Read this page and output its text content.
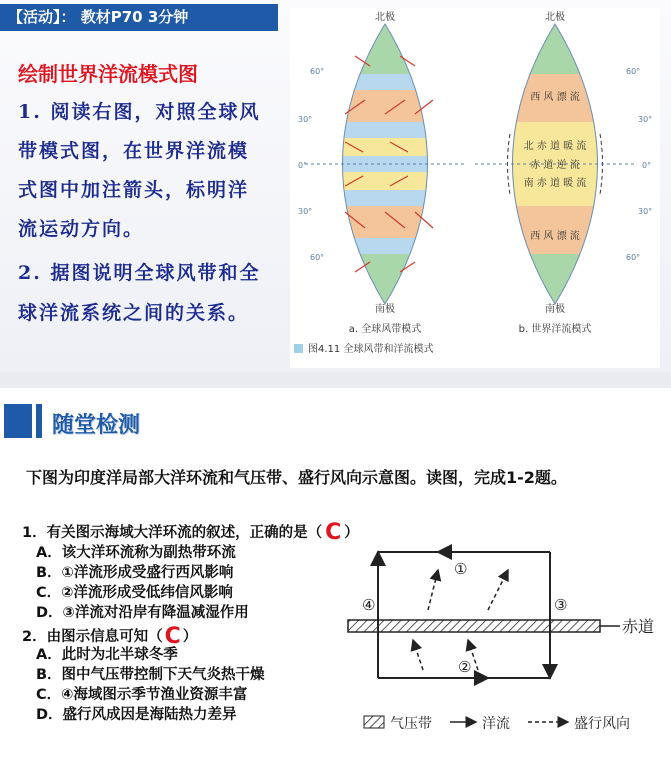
【活动】： 教材P70 3分钟
绘制世界洋流模式图
1. 阅读右图，对照全球风
带模式图，在世界洋流模
式图中加注箭头，标明洋
流运动方向。
2. 据图说明全球风带和全
球洋流系统之间的关系。
北极
南极
a. 全球风带模式
北极
南极
b. 世界洋流模式
西 风 漂 流
北 赤 道 暖 流
赤 道 逆 流
南 赤 道 暖 流
西 风 漂 流
60°
30°
0°
30°
60°
60°
30°
0°
30°
60°
图4.11 全球风带和洋流模式
随堂检测
下图为印度洋局部大洋环流和气压带、盛行风向示意图。读图，完成1-2题。
1．有关图示海域大洋环流的叙述，正确的是（ C ）
A．该大洋环流称为副热带环流
B．①洋流形成受盛行西风影响
C．②洋流形成受低纬信风影响
D．③洋流对沿岸有降温减湿作用
2．由图示信息可知（C ）
A．此时为北半球冬季
B．图中气压带控制下天气炎热干燥
C．④海域图示季节渔业资源丰富
D．盛行风成因是海陆热力差异
赤道
①
②
③
④
气压带	洋流	盛行风向
